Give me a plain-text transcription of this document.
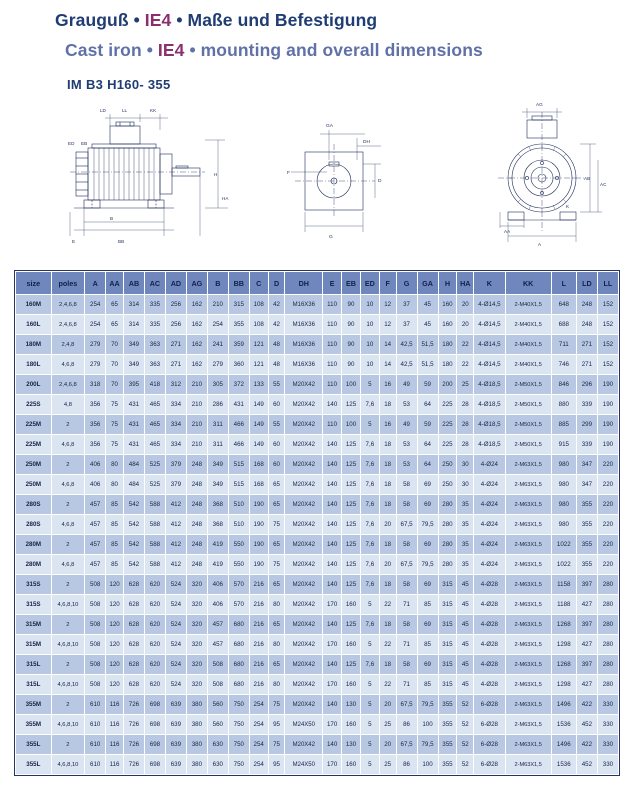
Grauguß • IE4 • Maße und Befestigung
Cast iron • IE4 • mounting and overall dimensions
IM B3 H160- 355
LD	LL	KK
ED EB
E
B
BB
H
HA
GA
DH
F
D
G
AG
AA
A
AB
AC
K
size	poles	A	AA	AB	AC	AD	AG	B	BB	C	D	DH	E	EB	ED	F	G	GA	H	HA	K	KK	L	LD	LL
160M	2,4,6,8	254	65	314	335	256	162	210	315	108	42	M16X36	110	90	10	12	37	45	160	20	4-Ø14,5	2-M40X1,5	648	248	152
160L	2,4,6,8	254	65	314	335	256	162	254	355	108	42	M16X36	110	90	10	12	37	45	160	20	4-Ø14,5	2-M40X1,5	688	248	152
180M	2,4,8	279	70	349	363	271	162	241	359	121	48	M16X36	110	90	10	14	42,5	51,5	180	22	4-Ø14,5	2-M40X1,5	711	271	152
180L	4,6,8	279	70	349	363	271	162	279	360	121	48	M16X36	110	90	10	14	42,5	51,5	180	22	4-Ø14,5	2-M40X1,5	746	271	152
200L	2,4,6,8	318	70	395	418	312	210	305	372	133	55	M20X42	110	100	5	16	49	59	200	25	4-Ø18,5	2-M50X1,5	846	296	190
225S	4,8	356	75	431	465	334	210	286	431	149	60	M20X42	140	125	7,6	18	53	64	225	28	4-Ø18,5	2-M50X1,5	880	339	190
225M	2	356	75	431	465	334	210	311	466	149	55	M20X42	110	100	5	16	49	59	225	28	4-Ø18,5	2-M50X1,5	885	299	190
225M	4,6,8	356	75	431	465	334	210	311	466	149	60	M20X42	140	125	7,6	18	53	64	225	28	4-Ø18,5	2-M50X1,5	915	339	190
250M	2	406	80	484	525	379	248	349	515	168	60	M20X42	140	125	7,6	18	53	64	250	30	4-Ø24	2-M63X1,5	980	347	220
250M	4,6,8	406	80	484	525	379	248	349	515	168	65	M20X42	140	125	7,6	18	58	69	250	30	4-Ø24	2-M63X1,5	980	347	220
280S	2	457	85	542	588	412	248	368	510	190	65	M20X42	140	125	7,6	18	58	69	280	35	4-Ø24	2-M63X1,5	980	355	220
280S	4,6,8	457	85	542	588	412	248	368	510	190	75	M20X42	140	125	7,6	20	67,5	79,5	280	35	4-Ø24	2-M63X1,5	980	355	220
280M	2	457	85	542	588	412	248	419	550	190	65	M20X42	140	125	7,6	18	58	69	280	35	4-Ø24	2-M63X1,5	1022	355	220
280M	4,6,8	457	85	542	588	412	248	419	550	190	75	M20X42	140	125	7,6	20	67,5	79,5	280	35	4-Ø24	2-M63X1,5	1022	355	220
315S	2	508	120	628	620	524	320	406	570	216	65	M20X42	140	125	7,6	18	58	69	315	45	4-Ø28	2-M63X1,5	1158	397	280
315S	4,6,8,10	508	120	628	620	524	320	406	570	216	80	M20X42	170	160	5	22	71	85	315	45	4-Ø28	2-M63X1,5	1188	427	280
315M	2	508	120	628	620	524	320	457	680	216	65	M20X42	140	125	7,6	18	58	69	315	45	4-Ø28	2-M63X1,5	1268	397	280
315M	4,6,8,10	508	120	628	620	524	320	457	680	216	80	M20X42	170	160	5	22	71	85	315	45	4-Ø28	2-M63X1,5	1298	427	280
315L	2	508	120	628	620	524	320	508	680	216	65	M20X42	140	125	7,6	18	58	69	315	45	4-Ø28	2-M63X1,5	1268	397	280
315L	4,6,8,10	508	120	628	620	524	320	508	680	216	80	M20X42	170	160	5	22	71	85	315	45	4-Ø28	2-M63X1,5	1298	427	280
355M	2	610	116	726	698	639	380	560	750	254	75	M20X42	140	130	5	20	67,5	79,5	355	52	6-Ø28	2-M63X1,5	1496	422	330
355M	4,6,8,10	610	116	726	698	639	380	560	750	254	95	M24X50	170	160	5	25	86	100	355	52	6-Ø28	2-M63X1,5	1536	452	330
355L	2	610	116	726	698	639	380	630	750	254	75	M20X42	140	130	5	20	67,5	79,5	355	52	6-Ø28	2-M63X1,5	1496	422	330
355L	4,6,8,10	610	116	726	698	639	380	630	750	254	95	M24X50	170	160	5	25	86	100	355	52	6-Ø28	2-M63X1,5	1536	452	330
